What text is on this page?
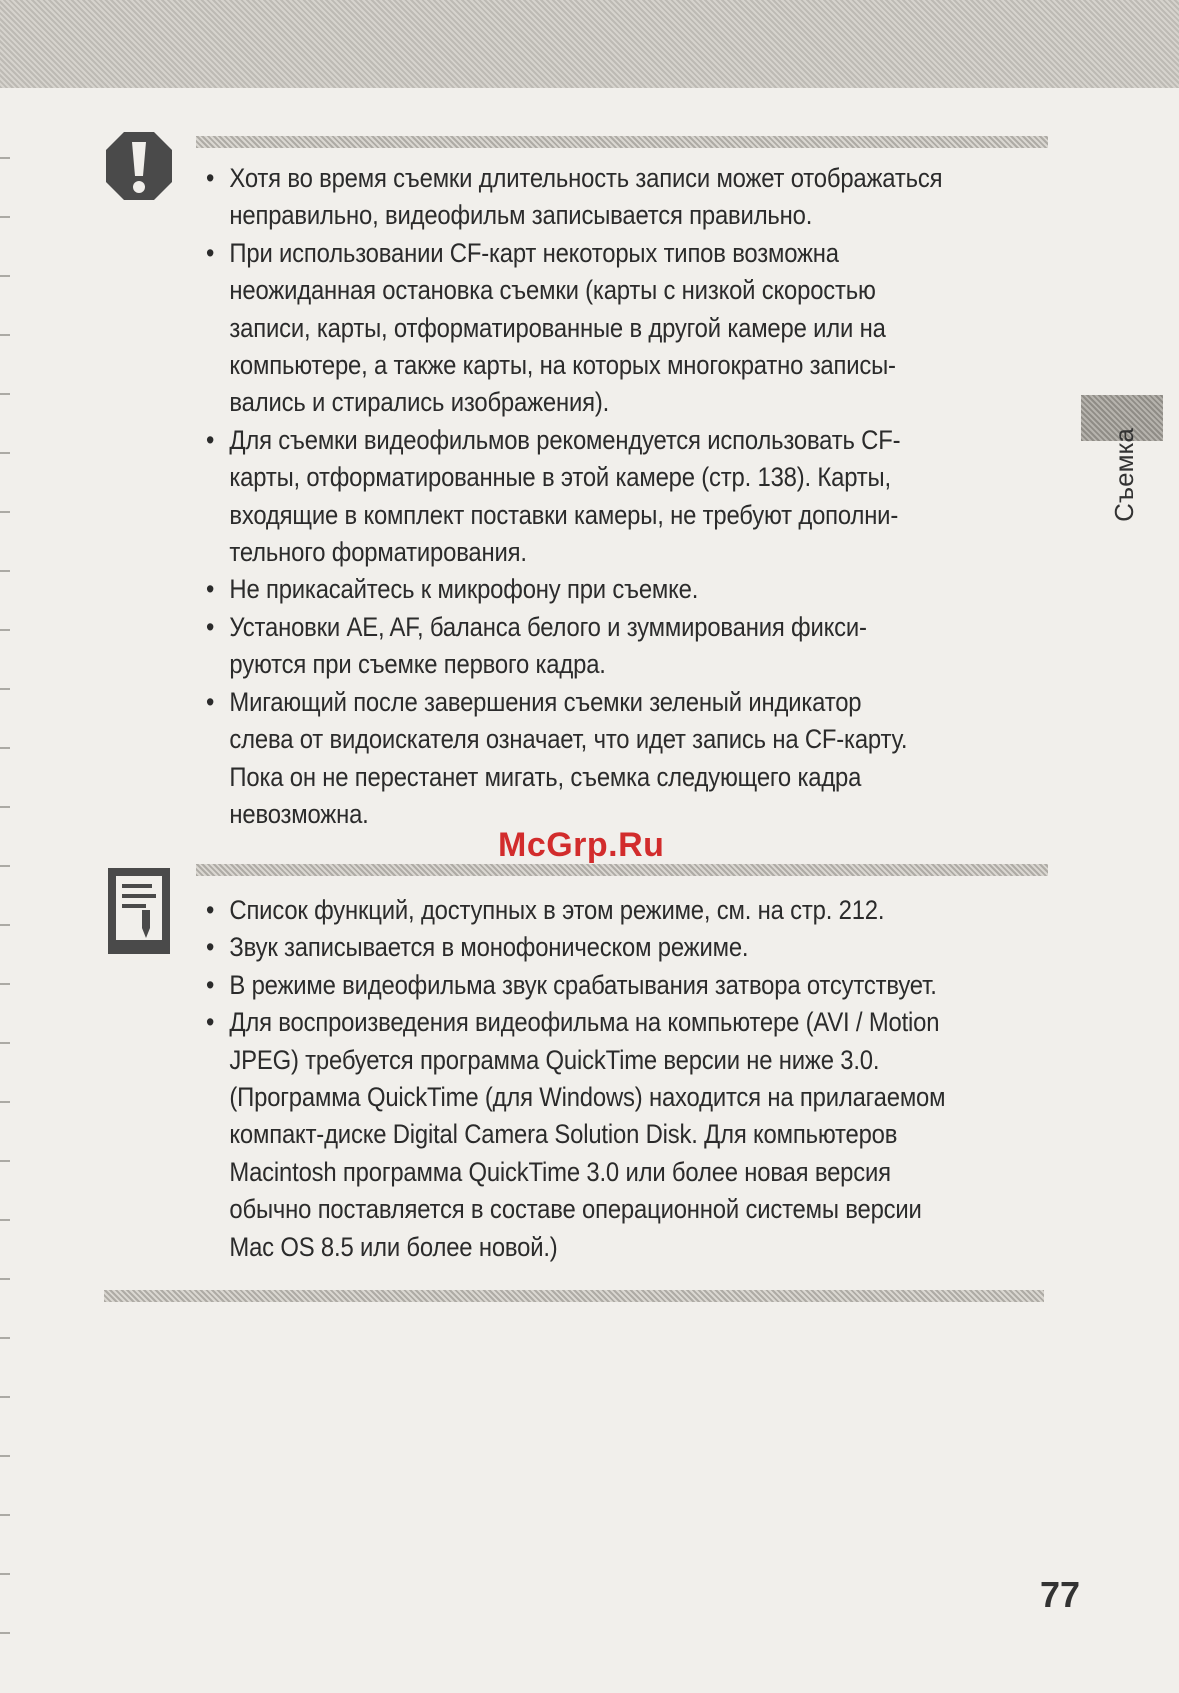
• Хотя во время съемки длительность записи может отображаться
неправильно, видеофильм записывается правильно.
• При использовании CF-карт некоторых типов возможна
неожиданная остановка съемки (карты с низкой скоростью
записи, карты, отформатированные в другой камере или на
компьютере, а также карты, на которых многократно записы-
вались и стирались изображения).
• Для съемки видеофильмов рекомендуется использовать CF-
карты, отформатированные в этой камере (стр. 138). Карты,
входящие в комплект поставки камеры, не требуют дополни-
тельного форматирования.
• Не прикасайтесь к микрофону при съемке.
• Установки AE, AF, баланса белого и зуммирования фикси-
руются при съемке первого кадра.
• Мигающий после завершения съемки зеленый индикатор
слева от видоискателя означает, что идет запись на CF-карту.
Пока он не перестанет мигать, съемка следующего кадра
невозможна.
McGrp.Ru
• Список функций, доступных в этом режиме, см. на стр. 212.
• Звук записывается в монофоническом режиме.
• В режиме видеофильма звук срабатывания затвора отсутствует.
• Для воспроизведения видеофильма на компьютере (AVI / Motion
JPEG) требуется программа QuickTime версии не ниже 3.0.
(Программа QuickTime (для Windows) находится на прилагаемом
компакт-диске Digital Camera Solution Disk. Для компьютеров
Macintosh программа QuickTime 3.0 или более новая версия
обычно поставляется в составе операционной системы версии
Mac OS 8.5 или более новой.)
Съемка
77
